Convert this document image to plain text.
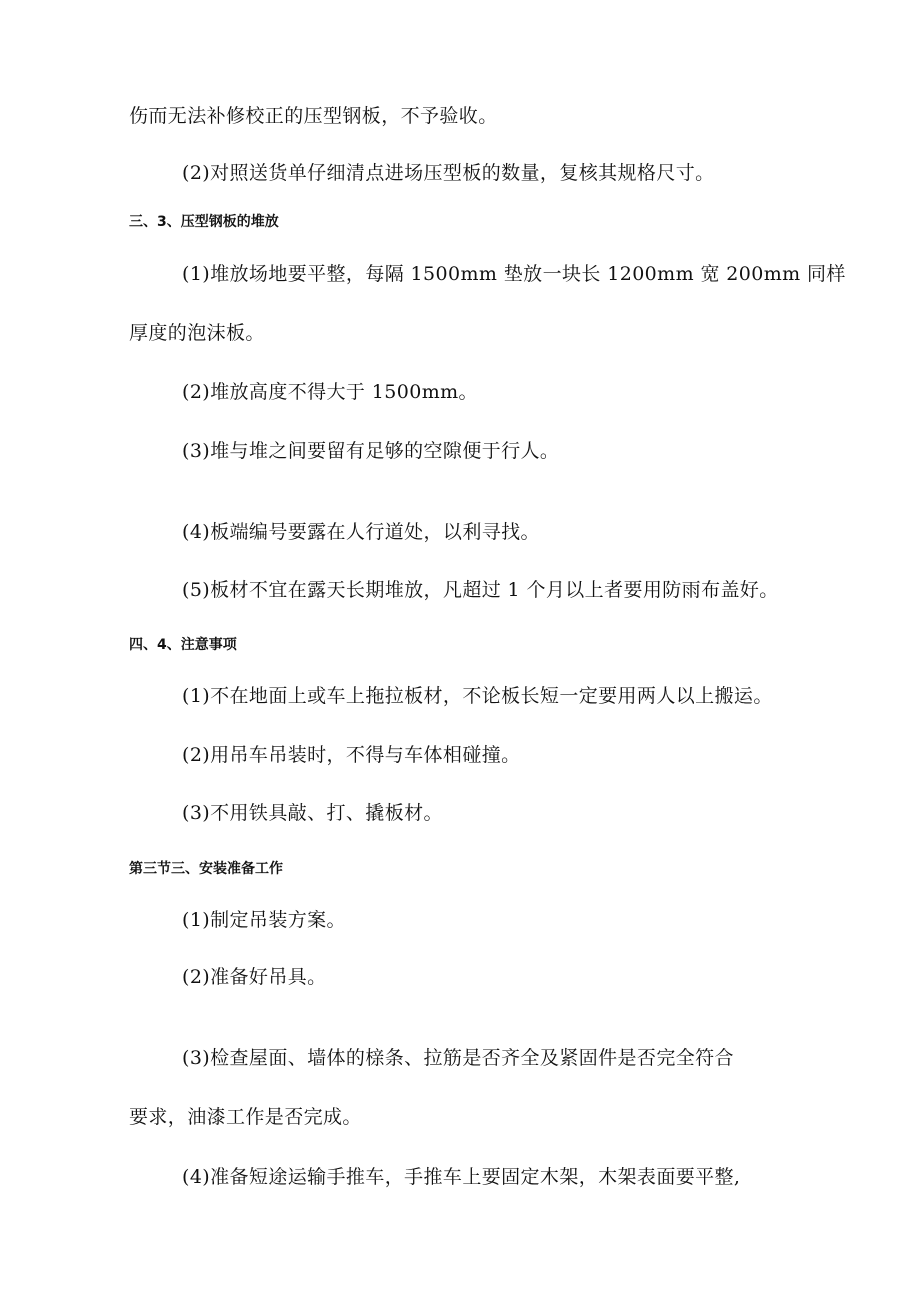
伤而无法补修校正的压型钢板，不予验收。
(2)对照送货单仔细清点进场压型板的数量，复核其规格尺寸。
三、3、压型钢板的堆放
(1)堆放场地要平整，每隔 1500mm 垫放一块长 1200mm 宽 200mm 同样
厚度的泡沫板。
(2)堆放高度不得大于 1500mm。
(3)堆与堆之间要留有足够的空隙便于行人。
(4)板端编号要露在人行道处，以利寻找。
(5)板材不宜在露天长期堆放，凡超过 1 个月以上者要用防雨布盖好。
四、4、注意事项
(1)不在地面上或车上拖拉板材，不论板长短一定要用两人以上搬运。
(2)用吊车吊装时，不得与车体相碰撞。
(3)不用铁具敲、打、撬板材。
第三节三、安装准备工作
(1)制定吊装方案。
(2)准备好吊具。
(3)检查屋面、墙体的榇条、拉筋是否齐全及紧固件是否完全符合
要求，油漆工作是否完成。
(4)准备短途运输手推车，手推车上要固定木架，木架表面要平整,
